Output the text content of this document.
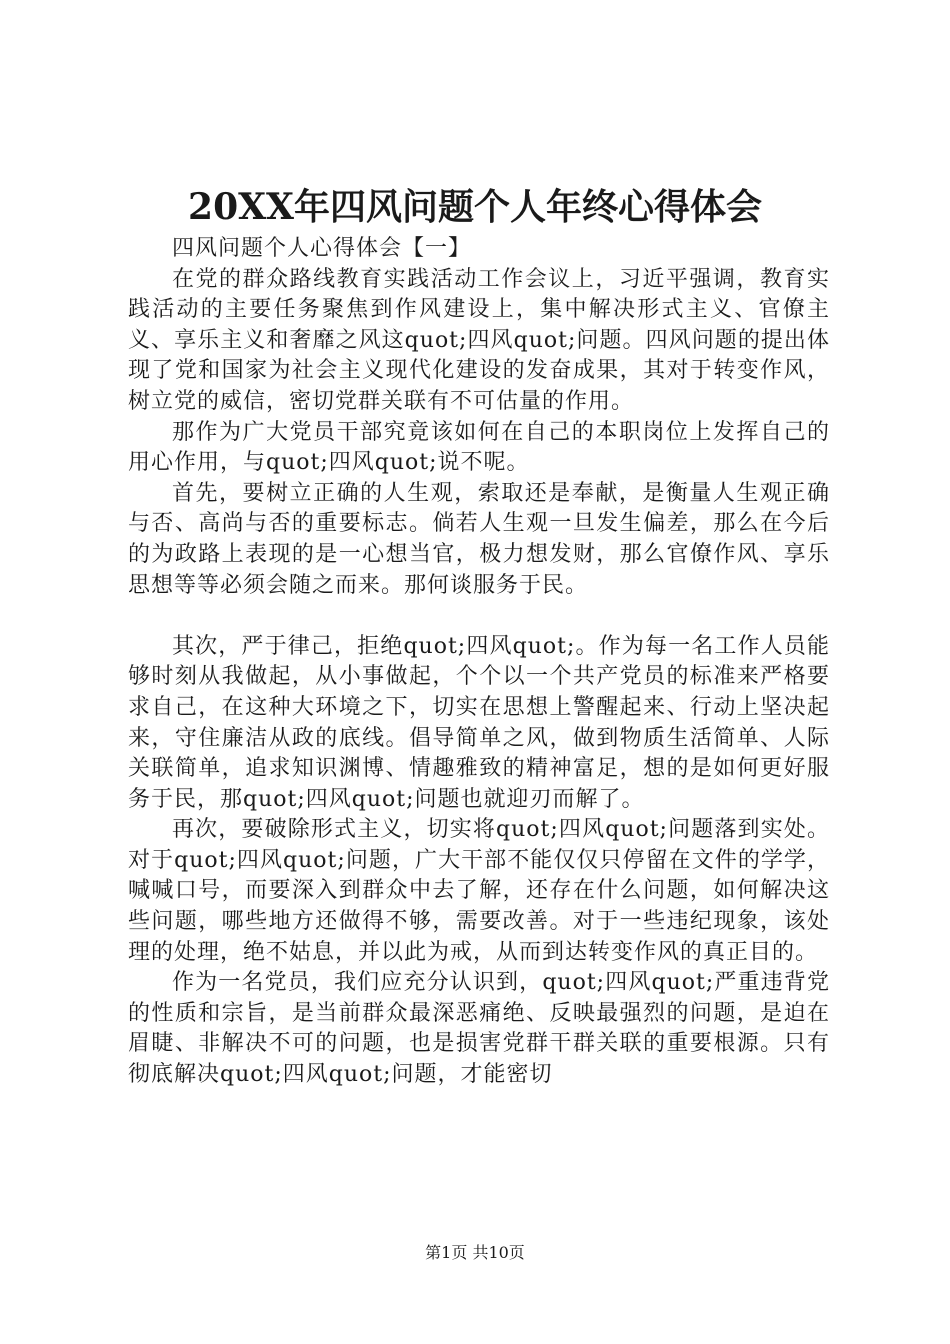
20XX年四风问题个人年终心得体会

四风问题个人心得体会【一】

在党的群众路线教育实践活动工作会议上，习近平强调，教育实践活动的主要任务聚焦到作风建设上，集中解决形式主义、官僚主义、享乐主义和奢靡之风这quot;四风quot;问题。四风问题的提出体现了党和国家为社会主义现代化建设的发奋成果，其对于转变作风，树立党的威信，密切党群关联有不可估量的作用。

那作为广大党员干部究竟该如何在自己的本职岗位上发挥自己的用心作用，与quot;四风quot;说不呢。

首先，要树立正确的人生观，索取还是奉献，是衡量人生观正确与否、高尚与否的重要标志。倘若人生观一旦发生偏差，那么在今后的为政路上表现的是一心想当官，极力想发财，那么官僚作风、享乐思想等等必须会随之而来。那何谈服务于民。

其次，严于律己，拒绝quot;四风quot;。作为每一名工作人员能够时刻从我做起，从小事做起，个个以一个共产党员的标准来严格要求自己，在这种大环境之下，切实在思想上警醒起来、行动上坚决起来，守住廉洁从政的底线。倡导简单之风，做到物质生活简单、人际关联简单，追求知识渊博、情趣雅致的精神富足，想的是如何更好服务于民，那quot;四风quot;问题也就迎刃而解了。

再次，要破除形式主义，切实将quot;四风quot;问题落到实处。对于quot;四风quot;问题，广大干部不能仅仅只停留在文件的学学，喊喊口号，而要深入到群众中去了解，还存在什么问题，如何解决这些问题，哪些地方还做得不够，需要改善。对于一些违纪现象，该处理的处理，绝不姑息，并以此为戒，从而到达转变作风的真正目的。

作为一名党员，我们应充分认识到，quot;四风quot;严重违背党的性质和宗旨，是当前群众最深恶痛绝、反映最强烈的问题，是迫在眉睫、非解决不可的问题，也是损害党群干群关联的重要根源。只有彻底解决quot;四风quot;问题，才能密切

第1页 共10页
